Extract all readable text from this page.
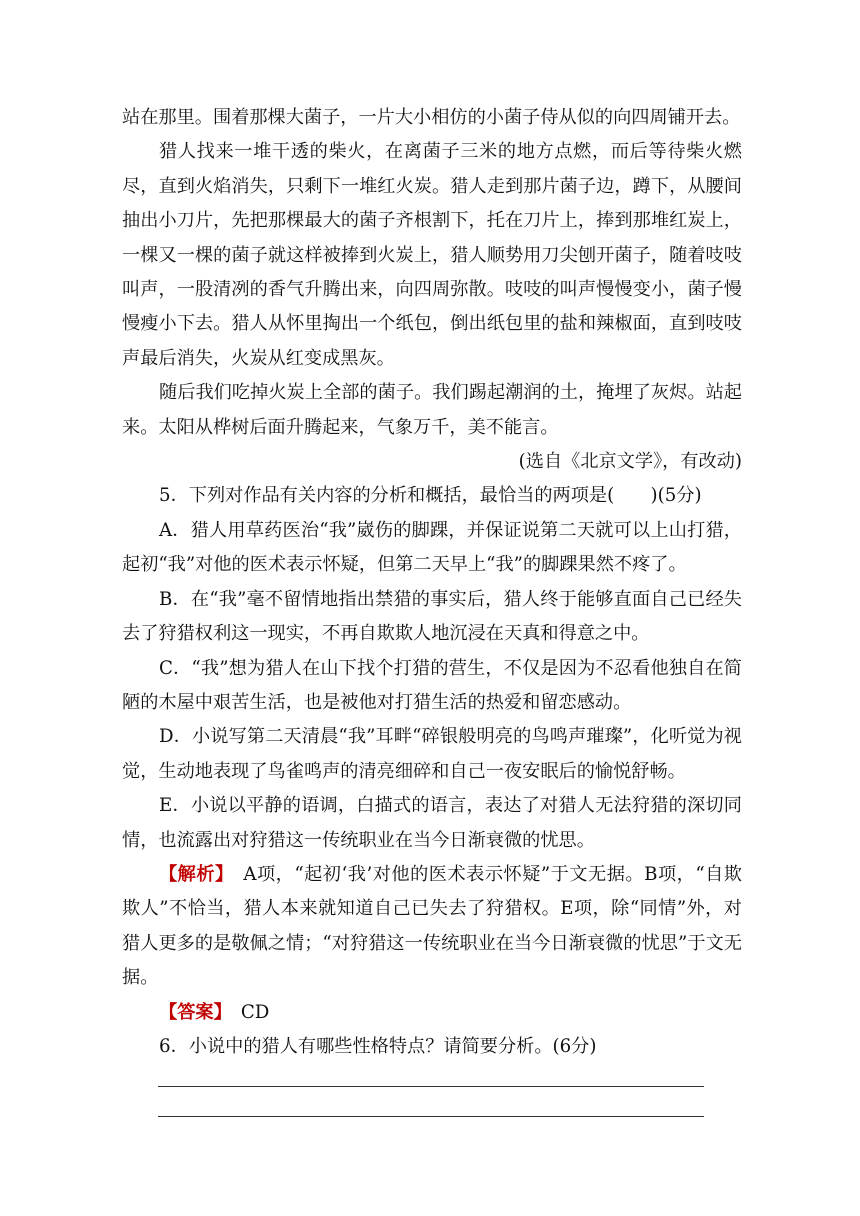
站在那里。围着那棵大菌子，一片大小相仿的小菌子侍从似的向四周铺开去。

猎人找来一堆干透的柴火，在离菌子三米的地方点燃，而后等待柴火燃尽，直到火焰消失，只剩下一堆红火炭。猎人走到那片菌子边，蹲下，从腰间抽出小刀片，先把那棵最大的菌子齐根割下，托在刀片上，捧到那堆红炭上，一棵又一棵的菌子就这样被捧到火炭上，猎人顺势用刀尖刨开菌子，随着吱吱叫声，一股清冽的香气升腾出来，向四周弥散。吱吱的叫声慢慢变小，菌子慢慢瘦小下去。猎人从怀里掏出一个纸包，倒出纸包里的盐和辣椒面，直到吱吱声最后消失，火炭从红变成黑灰。

随后我们吃掉火炭上全部的菌子。我们踢起潮润的土，掩埋了灰烬。站起来。太阳从桦树后面升腾起来，气象万千，美不能言。

(选自《北京文学》，有改动)

5．下列对作品有关内容的分析和概括，最恰当的两项是(　　)(5分)

A．猎人用草药医治“我”崴伤的脚踝，并保证说第二天就可以上山打猎，起初“我”对他的医术表示怀疑，但第二天早上“我”的脚踝果然不疼了。

B．在“我”毫不留情地指出禁猎的事实后，猎人终于能够直面自己已经失去了狩猎权利这一现实，不再自欺欺人地沉浸在天真和得意之中。

C．“我”想为猎人在山下找个打猎的营生，不仅是因为不忍看他独自在简陋的木屋中艰苦生活，也是被他对打猎生活的热爱和留恋感动。

D．小说写第二天清晨“我”耳畔“碎银般明亮的鸟鸣声璀璨”，化听觉为视觉，生动地表现了鸟雀鸣声的清亮细碎和自己一夜安眠后的愉悦舒畅。

E．小说以平静的语调，白描式的语言，表达了对猎人无法狩猎的深切同情，也流露出对狩猎这一传统职业在当今日渐衰微的忧思。

【解析】　 A项，“起初‘我’对他的医术表示怀疑”于文无据。B项，“自欺欺人”不恰当，猎人本来就知道自己已失去了狩猎权。E项，除“同情”外，对猎人更多的是敬佩之情；“对狩猎这一传统职业在当今日渐衰微的忧思”于文无据。

【答案】　 CD

6．小说中的猎人有哪些性格特点？请简要分析。(6分)
